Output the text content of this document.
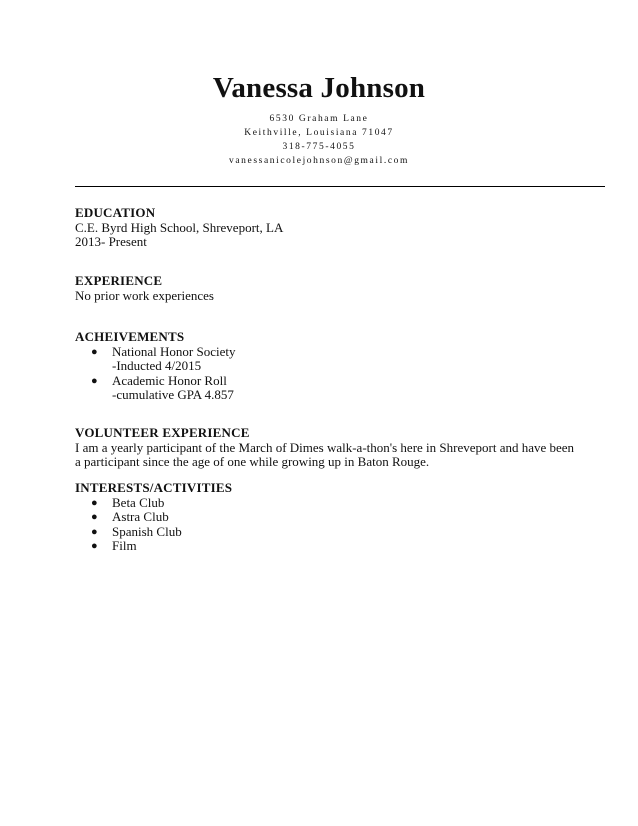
Vanessa Johnson
6530 Graham Lane
Keithville, Louisiana 71047
318-775-4055
vanessanicolejohnson@gmail.com
EDUCATION

C.E. Byrd High School, Shreveport, LA

2013- Present

EXPERIENCE

No prior work experiences

ACHEIVEMENTS
● National Honor Society
-Inducted 4/2015
● Academic Honor Roll
-cumulative GPA 4.857
VOLUNTEER EXPERIENCE

I am a yearly participant of the March of Dimes walk-a-thon's here in Shreveport and have been

a participant since the age of one while growing up in Baton Rouge.

INTERESTS/ACTIVITIES
● Beta Club
● Astra Club
● Spanish Club
● Film
